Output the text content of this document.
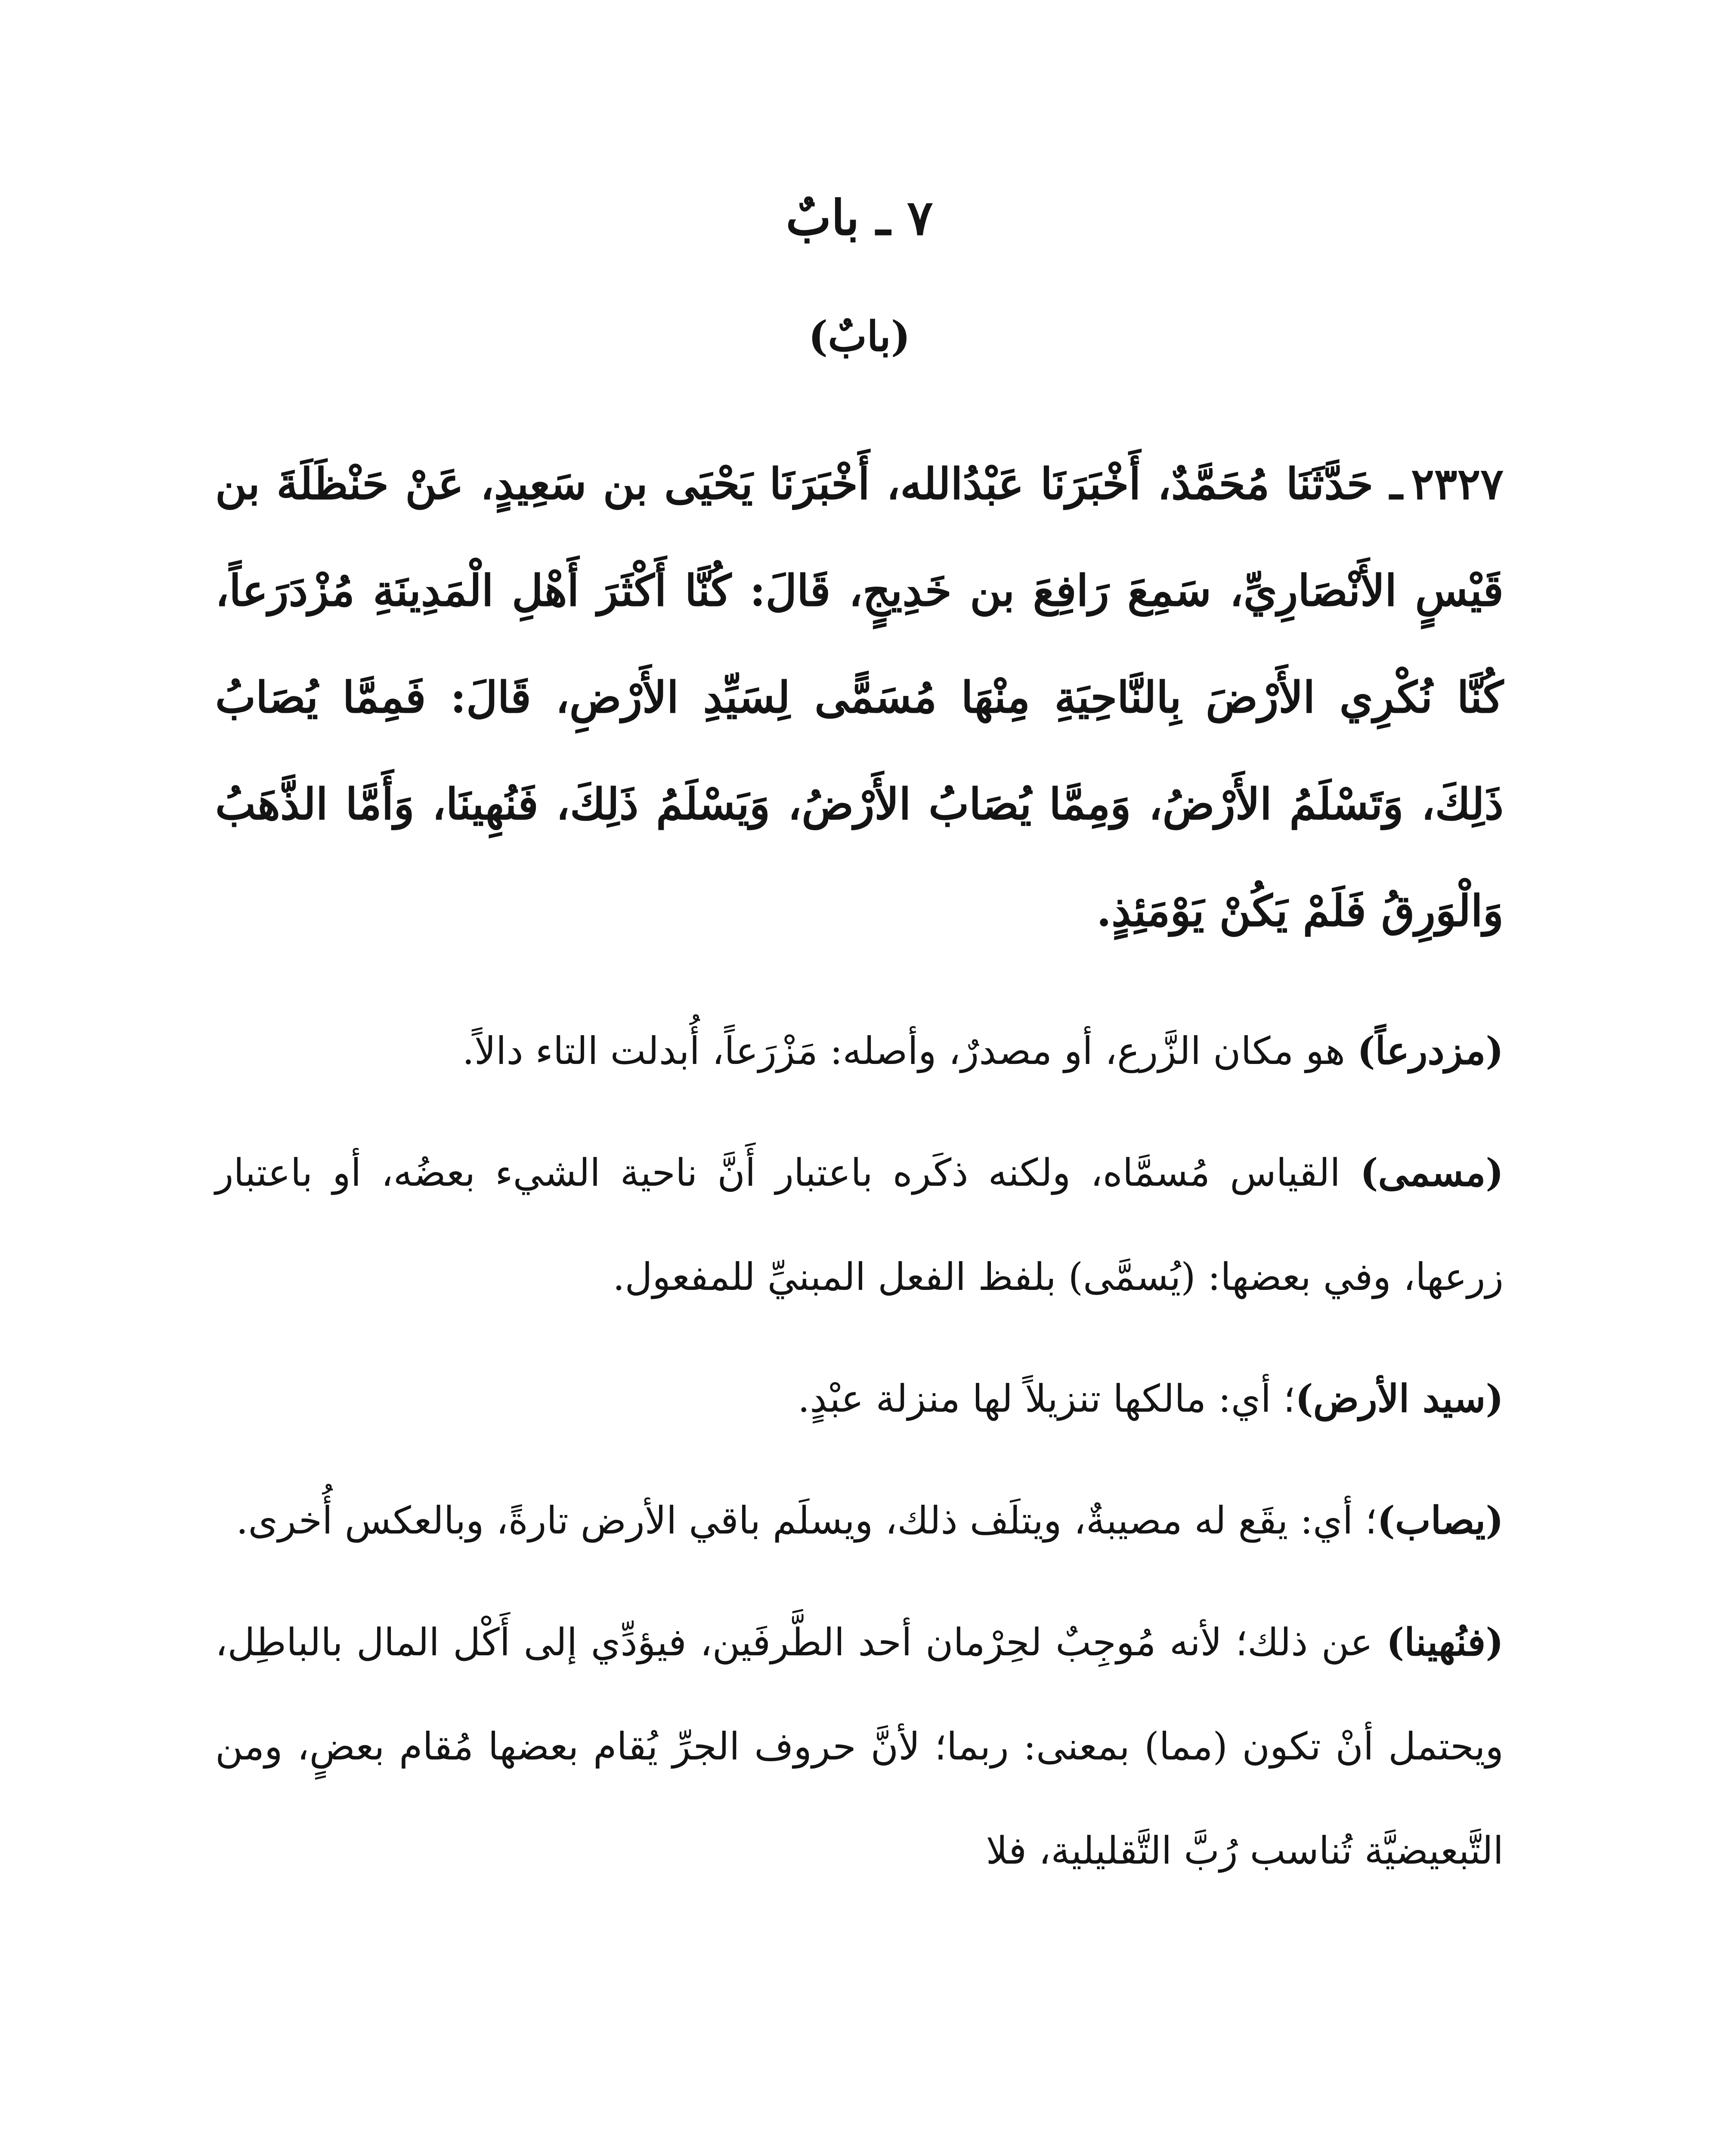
٧ ـ بابٌ
(بابٌ)

٢٣٢٧ـ حَدَّثَنَا مُحَمَّدٌ، أَخْبَرَنَا عَبْدُالله، أَخْبَرَنَا يَحْيَى بن سَعِيدٍ، عَنْ حَنْظَلَةَ بن قَيْسٍ الأَنْصَارِيِّ، سَمِعَ رَافِعَ بن خَدِيجٍ، قَالَ: كُنَّا أَكْثَرَ أَهْلِ الْمَدِينَةِ مُزْدَرَعاً، كُنَّا نُكْرِي الأَرْضَ بِالنَّاحِيَةِ مِنْهَا مُسَمًّى لِسَيِّدِ الأَرْضِ، قَالَ: فَمِمَّا يُصَابُ ذَلِكَ، وَتَسْلَمُ الأَرْضُ، وَمِمَّا يُصَابُ الأَرْضُ، وَيَسْلَمُ ذَلِكَ، فَنُهِينَا، وَأَمَّا الذَّهَبُ وَالْوَرِقُ فَلَمْ يَكُنْ يَوْمَئِذٍ.

(مزدرعاً) هو مكان الزَّرع، أو مصدرٌ، وأصله: مَزْرَعاً، أُبدلت التاء دالاً.

(مسمى) القياس مُسمَّاه، ولكنه ذكَره باعتبار أَنَّ ناحية الشيء بعضُه، أو باعتبار زرعها، وفي بعضها: (يُسمَّى) بلفظ الفعل المبنيِّ للمفعول.

(سيد الأرض)؛ أي: مالكها تنزيلاً لها منزلة عبْدٍ.

(يصاب)؛ أي: يقَع له مصيبةٌ، ويتلَف ذلك، ويسلَم باقي الأرض تارةً، وبالعكس أُخرى.

(فنُهينا) عن ذلك؛ لأنه مُوجِبٌ لحِرْمان أحد الطَّرفَين، فيؤدِّي إلى أَكْل المال بالباطِل، ويحتمل أنْ تكون (مما) بمعنى: ربما؛ لأنَّ حروف الجرِّ يُقام بعضها مُقام بعضٍ، ومن التَّبعيضيَّة تُناسب رُبَّ التَّقليلية، فلا
